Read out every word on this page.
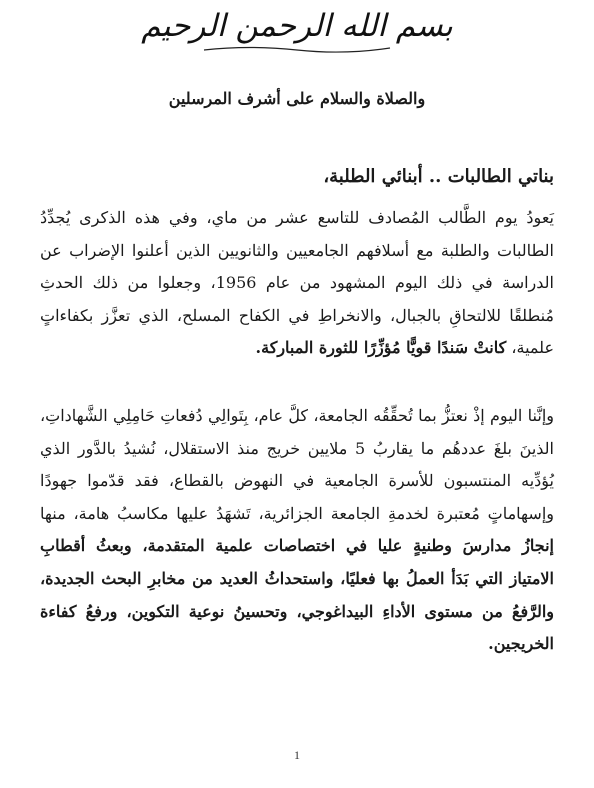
بسم الله الرحمن الرحيم
والصلاة والسلام على أشرف المرسلين
بناتي الطالبات .. أبنائي الطلبة،
يَعودُ يوم الطَّالب المُصادف للتاسع عشر من ماي، وفي هذه الذكرى يُجدِّدُ الطالبات والطلبة مع أسلافهم الجامعيين والثانويين الذين أعلنوا الإضراب عن الدراسة في ذلك اليوم المشهود من عام 1956، وجعلوا من ذلك الحدثِ مُنطلقًا للالتحاقِ بالجبال، والانخراطِ في الكفاح المسلح، الذي تعزَّز بكفاءاتٍ علمية، كانتْ سَندًا قويًّا مُؤزِّرًا للثورة المباركة.
وإنَّنا اليوم إذْ نعتزُّ بما تُحقِّقُه الجامعة، كلَّ عام، بِتَوالِي دُفعاتِ حَامِلِي الشَّهاداتِ، الذينَ بلغَ عددهُم ما يقاربُ 5 ملايين خريج منذ الاستقلال، نُشيدُ بالدَّور الذي يُؤدِّيه المنتسبون للأسرة الجامعية في النهوض بالقطاع، فقد قدّموا جهودًا وإسهاماتٍ مُعتبرة لخدمةِ الجامعة الجزائرية، تَشهَدُ عليها مكاسبُ هامة، منها إنجازُ مدارسَ وطنيةٍ عليا في اختصاصات علمية المتقدمة، وبعثُ أقطابِ الامتياز التي بَدَأ العملُ بها فعليًا، واستحداثُ العديد من مخابرِ البحث الجديدة، والرَّفعُ من مستوى الأداءِ البيداغوجي، وتحسينُ نوعية التكوين، ورفعُ كفاءة الخريجين.
1
